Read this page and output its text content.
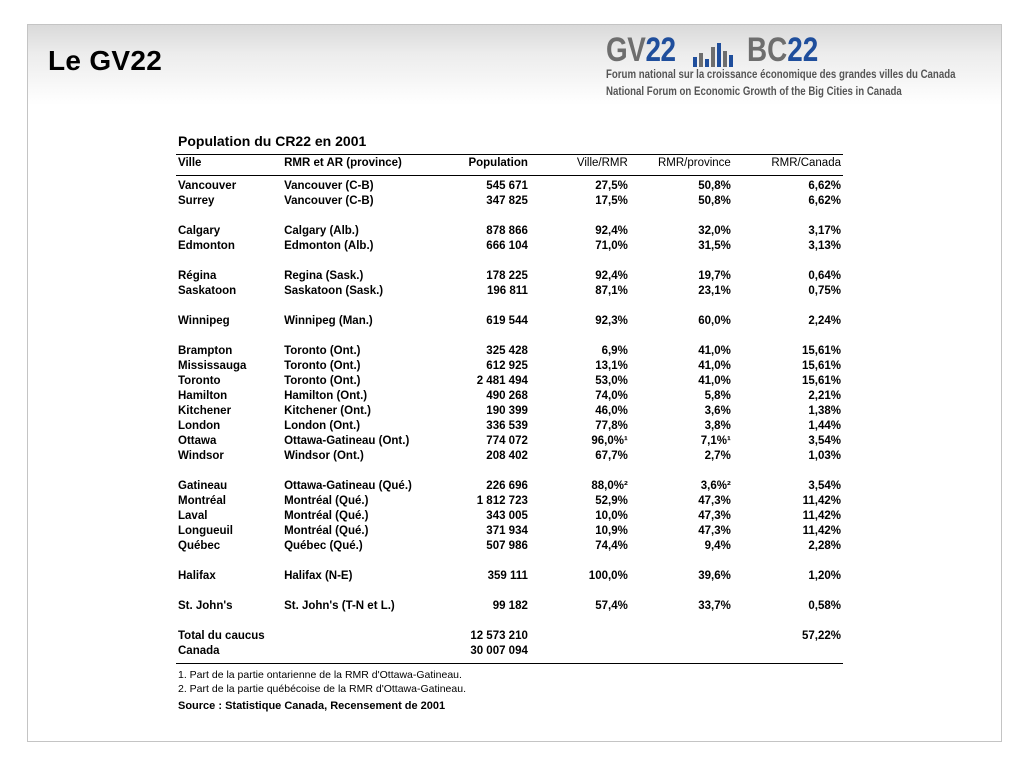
Le GV22	GV22 BC22
Forum national sur la croissance économique des grandes villes du Canada
National Forum on Economic Growth of the Big Cities in Canada
Population du CR22 en 2001
Ville	RMR et AR (province)	Population	Ville/RMR	RMR/province	RMR/Canada
Vancouver	Vancouver (C-B)	545 671	27,5%	50,8%	6,62%
Surrey	Vancouver (C-B)	347 825	17,5%	50,8%	6,62%

Calgary	Calgary (Alb.)	878 866	92,4%	32,0%	3,17%
Edmonton	Edmonton (Alb.)	666 104	71,0%	31,5%	3,13%

Régina	Regina (Sask.)	178 225	92,4%	19,7%	0,64%
Saskatoon	Saskatoon (Sask.)	196 811	87,1%	23,1%	0,75%

Winnipeg	Winnipeg (Man.)	619 544	92,3%	60,0%	2,24%

Brampton	Toronto (Ont.)	325 428	6,9%	41,0%	15,61%
Mississauga	Toronto (Ont.)	612 925	13,1%	41,0%	15,61%
Toronto	Toronto (Ont.)	2 481 494	53,0%	41,0%	15,61%
Hamilton	Hamilton (Ont.)	490 268	74,0%	5,8%	2,21%
Kitchener	Kitchener (Ont.)	190 399	46,0%	3,6%	1,38%
London	London (Ont.)	336 539	77,8%	3,8%	1,44%
Ottawa	Ottawa-Gatineau (Ont.)	774 072	96,0%¹	7,1%¹	3,54%
Windsor	Windsor (Ont.)	208 402	67,7%	2,7%	1,03%

Gatineau	Ottawa-Gatineau (Qué.)	226 696	88,0%²	3,6%²	3,54%
Montréal	Montréal (Qué.)	1 812 723	52,9%	47,3%	11,42%
Laval	Montréal (Qué.)	343 005	10,0%	47,3%	11,42%
Longueuil	Montréal (Qué.)	371 934	10,9%	47,3%	11,42%
Québec	Québec (Qué.)	507 986	74,4%	9,4%	2,28%

Halifax	Halifax (N-E)	359 111	100,0%	39,6%	1,20%

St. John's	St. John's (T-N et L.)	99 182	57,4%	33,7%	0,58%

Total du caucus		12 573 210			57,22%
Canada		30 007 094			
1. Part de la partie ontarienne de la RMR d'Ottawa-Gatineau.
2. Part de la partie québécoise de la RMR d'Ottawa-Gatineau.
Source : Statistique Canada, Recensement de 2001
